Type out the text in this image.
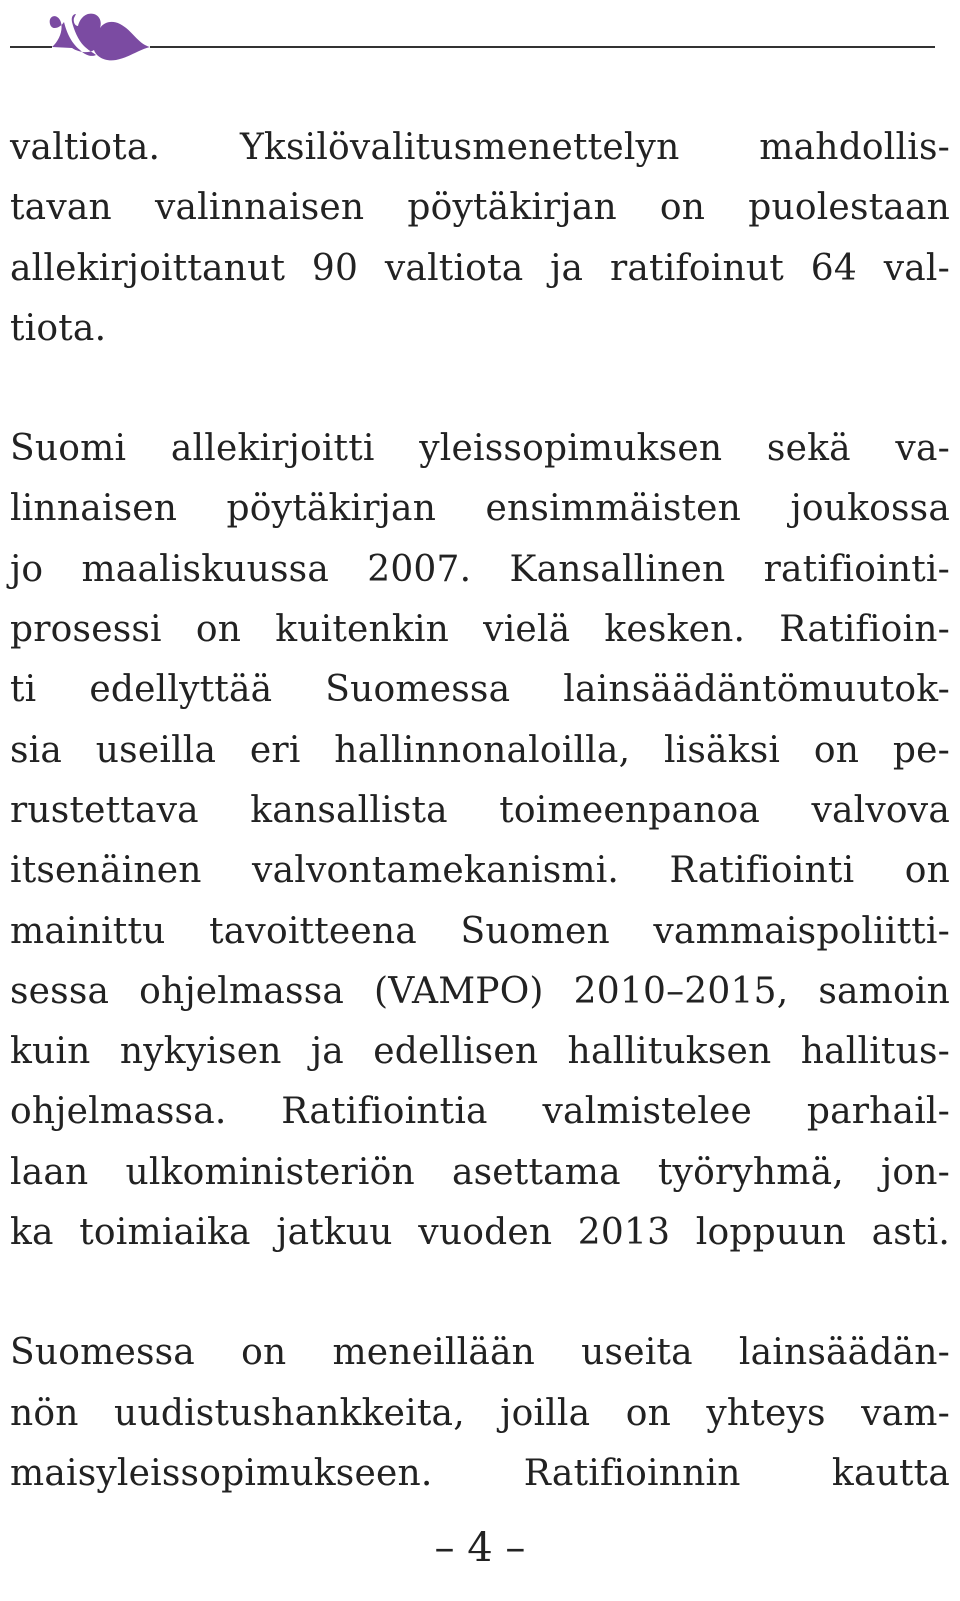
valtiota. Yksilövalitusmenettelyn mahdollis-
tavan valinnaisen pöytäkirjan on puolestaan
allekirjoittanut 90 valtiota ja ratifoinut 64 val-
tiota.
Suomi allekirjoitti yleissopimuksen sekä va-
linnaisen pöytäkirjan ensimmäisten joukossa
jo maaliskuussa 2007. Kansallinen ratifiointi-
prosessi on kuitenkin vielä kesken. Ratifioin-
ti edellyttää Suomessa lainsäädäntömuutok-
sia useilla eri hallinnonaloilla, lisäksi on pe-
rustettava kansallista toimeenpanoa valvova
itsenäinen valvontamekanismi. Ratifiointi on
mainittu tavoitteena Suomen vammaispoliitti-
sessa ohjelmassa (VAMPO) 2010–2015, samoin
kuin nykyisen ja edellisen hallituksen hallitus-
ohjelmassa. Ratifiointia valmistelee parhail-
laan ulkoministeriön asettama työryhmä, jon-
ka toimiaika jatkuu vuoden 2013 loppuun asti.
Suomessa on meneillään useita lainsäädän-
nön uudistushankkeita, joilla on yhteys vam-
maisyleissopimukseen. Ratifioinnin kautta
– 4 –
